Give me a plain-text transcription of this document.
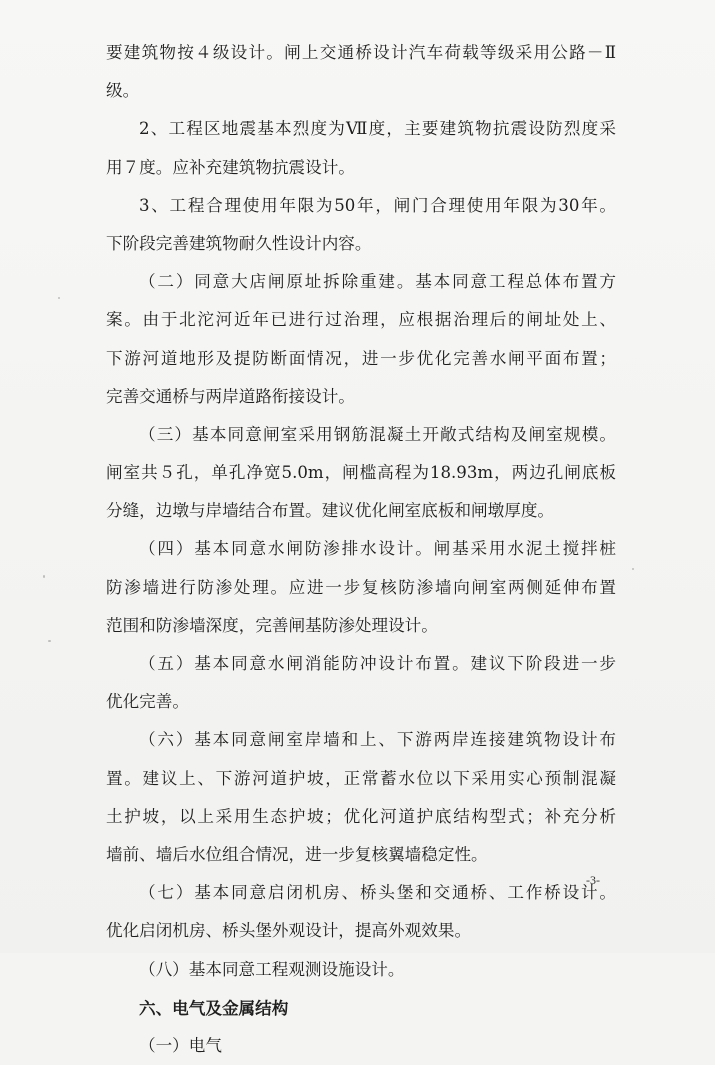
要建筑物按４级设计。闸上交通桥设计汽车荷载等级采用公路－Ⅱ
级。
2、工程区地震基本烈度为Ⅶ度，主要建筑物抗震设防烈度采
用７度。应补充建筑物抗震设计。
3、工程合理使用年限为50年，闸门合理使用年限为30年。
下阶段完善建筑物耐久性设计内容。
（二）同意大店闸原址拆除重建。基本同意工程总体布置方
案。由于北沱河近年已进行过治理，应根据治理后的闸址处上、
下游河道地形及提防断面情况，进一步优化完善水闸平面布置；
完善交通桥与两岸道路衔接设计。
（三）基本同意闸室采用钢筋混凝土开敞式结构及闸室规模。
闸室共５孔，单孔净宽5.0m，闸槛高程为18.93m，两边孔闸底板
分缝，边墩与岸墙结合布置。建议优化闸室底板和闸墩厚度。
（四）基本同意水闸防渗排水设计。闸基采用水泥土搅拌桩
防渗墙进行防渗处理。应进一步复核防渗墙向闸室两侧延伸布置
范围和防渗墙深度，完善闸基防渗处理设计。
（五）基本同意水闸消能防冲设计布置。建议下阶段进一步
优化完善。
（六）基本同意闸室岸墙和上、下游两岸连接建筑物设计布
置。建议上、下游河道护坡，正常蓄水位以下采用实心预制混凝
土护坡，以上采用生态护坡；优化河道护底结构型式；补充分析
墙前、墙后水位组合情况，进一步复核翼墙稳定性。
（七）基本同意启闭机房、桥头堡和交通桥、工作桥设计。
优化启闭机房、桥头堡外观设计，提高外观效果。
（八）基本同意工程观测设施设计。
六、电气及金属结构
（一）电气
-3-
